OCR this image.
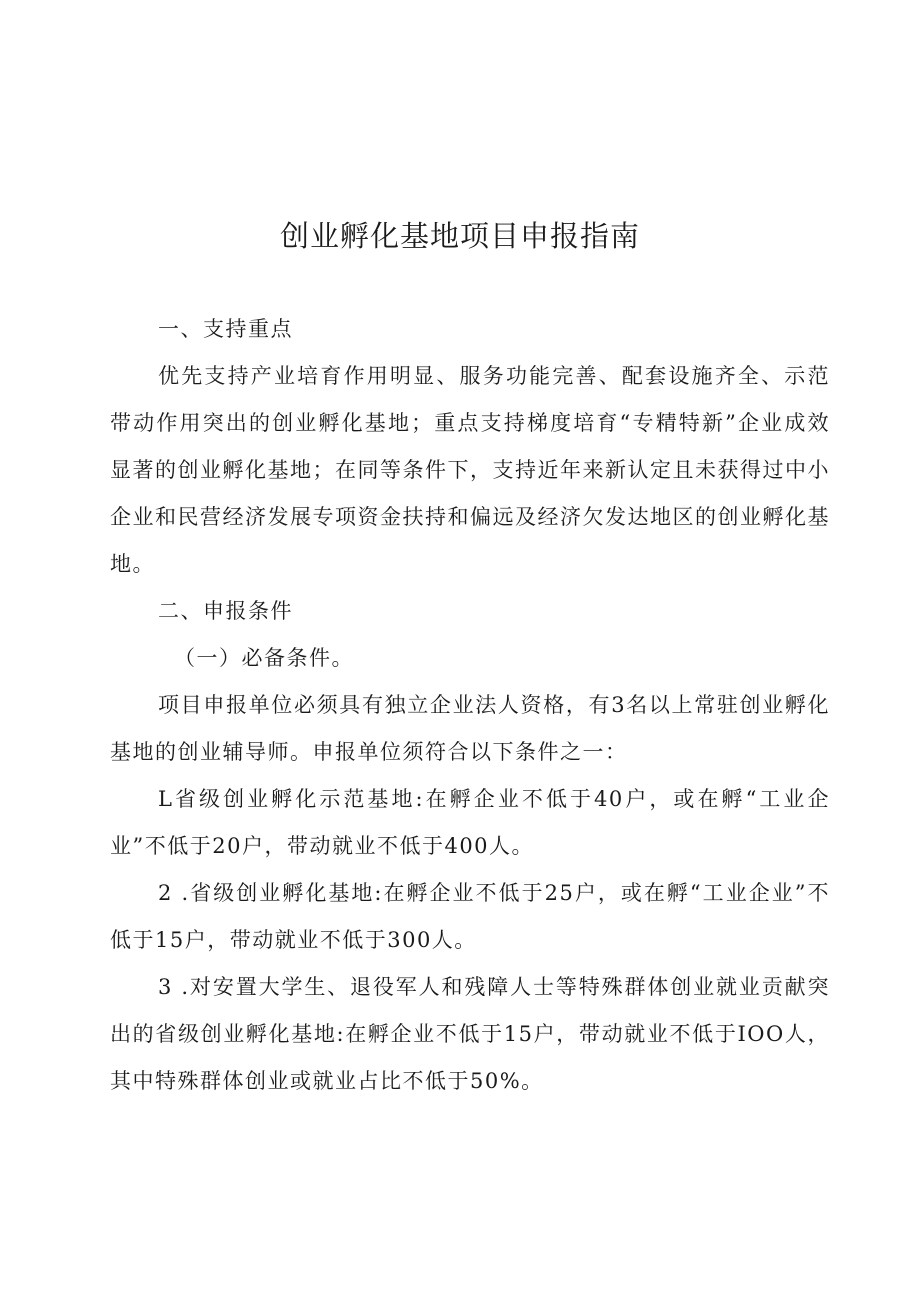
创业孵化基地项目申报指南

一、支持重点

优先支持产业培育作用明显、服务功能完善、配套设施齐全、示范带动作用突出的创业孵化基地；重点支持梯度培育“专精特新”企业成效显著的创业孵化基地；在同等条件下，支持近年来新认定且未获得过中小企业和民营经济发展专项资金扶持和偏远及经济欠发达地区的创业孵化基地。

二、申报条件

（一）必备条件。

项目申报单位必须具有独立企业法人资格，有3名以上常驻创业孵化基地的创业辅导师。申报单位须符合以下条件之一：

L省级创业孵化示范基地:在孵企业不低于40户，或在孵“工业企业”不低于20户，带动就业不低于400人。

2 .省级创业孵化基地:在孵企业不低于25户，或在孵“工业企业”不低于15户，带动就业不低于300人。

3 .对安置大学生、退役军人和残障人士等特殊群体创业就业贡献突出的省级创业孵化基地:在孵企业不低于15户，带动就业不低于IOO人，其中特殊群体创业或就业占比不低于50%。
